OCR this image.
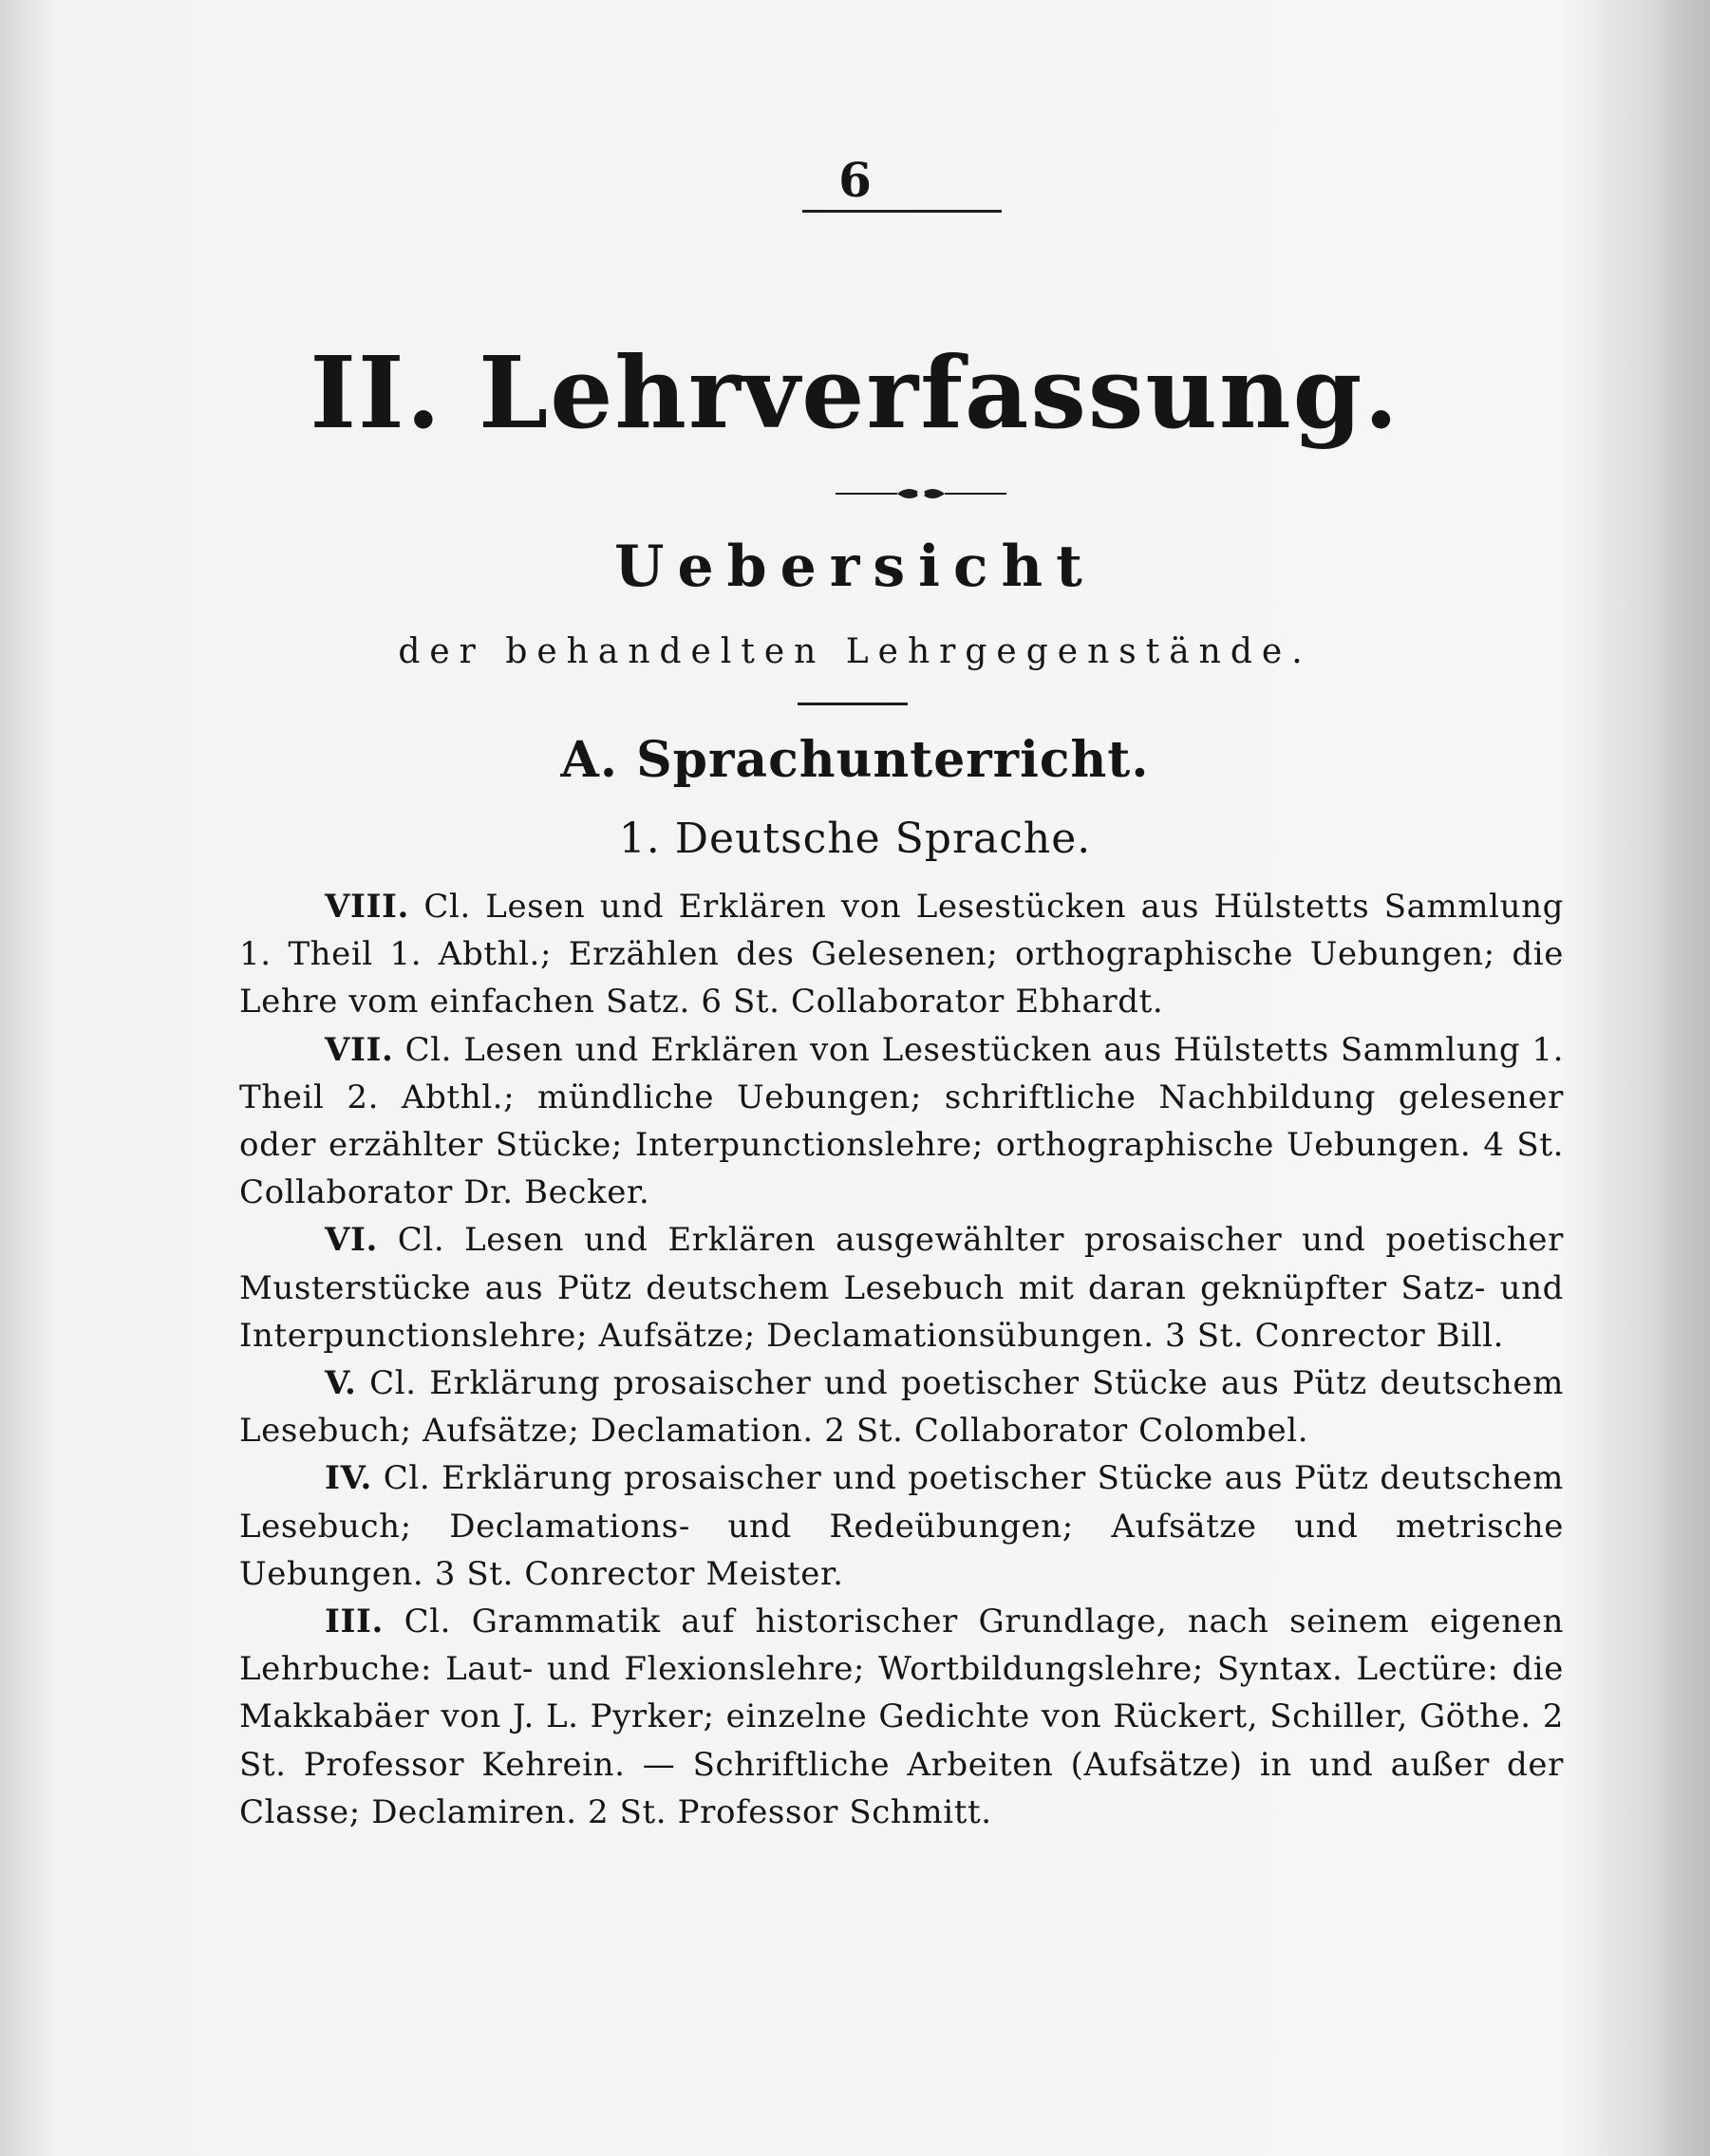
6
II. Lehrverfassung.
Uebersicht
der behandelten Lehrgegenstände.
A. Sprachunterricht.
1. Deutsche Sprache.

VIII. Cl. Lesen und Erklären von Lesestücken aus Hülstetts Sammlung 1. Theil 1. Abthl.; Erzählen des Gelesenen; orthographische Uebungen; die Lehre vom einfachen Satz. 6 St. Collaborator Ebhardt.

VII. Cl. Lesen und Erklären von Lesestücken aus Hülstetts Sammlung 1. Theil 2. Abthl.; mündliche Uebungen; schriftliche Nachbildung gelesener oder erzählter Stücke; Interpunctionslehre; orthographische Uebungen. 4 St. Collaborator Dr. Becker.

VI. Cl. Lesen und Erklären ausgewählter prosaischer und poetischer Musterstücke aus Pütz deutschem Lesebuch mit daran geknüpfter Satz- und Interpunctionslehre; Aufsätze; Declamationsübungen. 3 St. Conrector Bill.

V. Cl. Erklärung prosaischer und poetischer Stücke aus Pütz deutschem Lesebuch; Aufsätze; Declamation. 2 St. Collaborator Colombel.

IV. Cl. Erklärung prosaischer und poetischer Stücke aus Pütz deutschem Lesebuch; Declamations- und Redeübungen; Aufsätze und metrische Uebungen. 3 St. Conrector Meister.

III. Cl. Grammatik auf historischer Grundlage, nach seinem eigenen Lehrbuche: Laut- und Flexionslehre; Wortbildungslehre; Syntax. Lectüre: die Makkabäer von J. L. Pyrker; einzelne Gedichte von Rückert, Schiller, Göthe. 2 St. Professor Kehrein. — Schriftliche Arbeiten (Aufsätze) in und außer der Classe; Declamiren. 2 St. Professor Schmitt.
